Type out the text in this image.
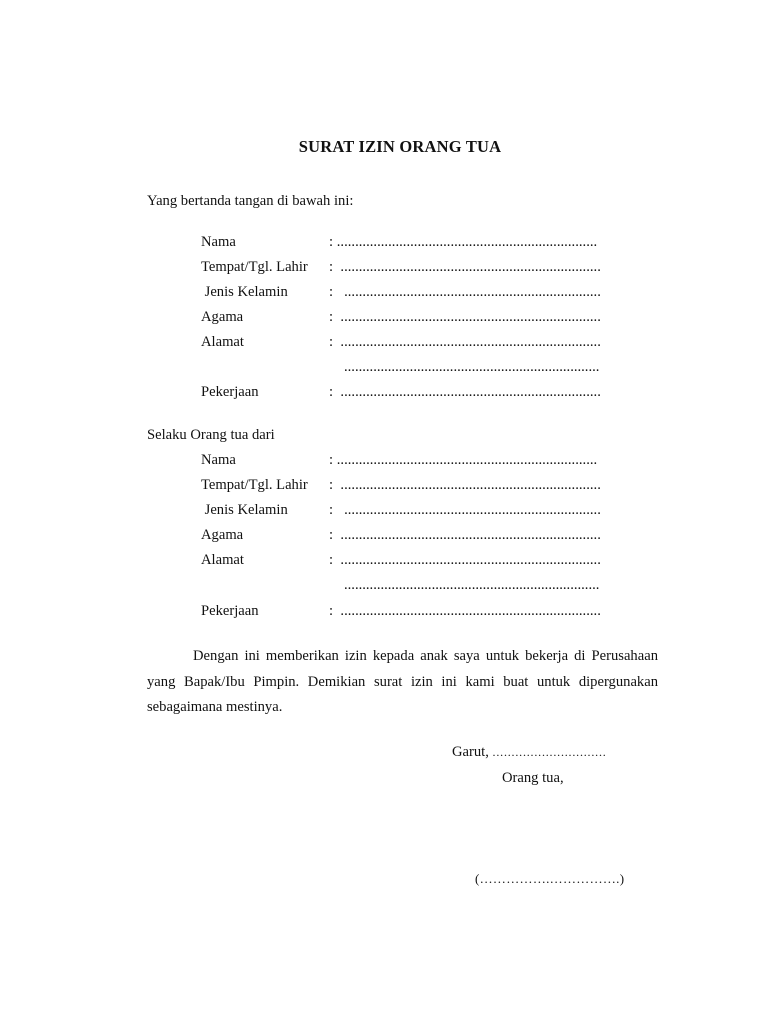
SURAT IZIN ORANG TUA

Yang bertanda tangan di bawah ini:

Nama	: .......................................................................
Tempat/Tgl. Lahir :  .......................................................................
Jenis Kelamin	:   ......................................................................
Agama	:  .......................................................................
Alamat	:  .......................................................................
......................................................................
Pekerjaan	:  .......................................................................

Selaku Orang tua dari

Nama	: .......................................................................
Tempat/Tgl. Lahir :  .......................................................................
Jenis Kelamin	:   ......................................................................
Agama	:  .......................................................................
Alamat	:  .......................................................................
......................................................................
Pekerjaan	:  .......................................................................

Dengan ini memberikan izin kepada anak saya untuk bekerja di Perusahaan yang Bapak/Ibu Pimpin. Demikian surat izin ini kami buat untuk dipergunakan sebagaimana mestinya.

Garut, ..............................
Orang tua,
(…………….…………….)
